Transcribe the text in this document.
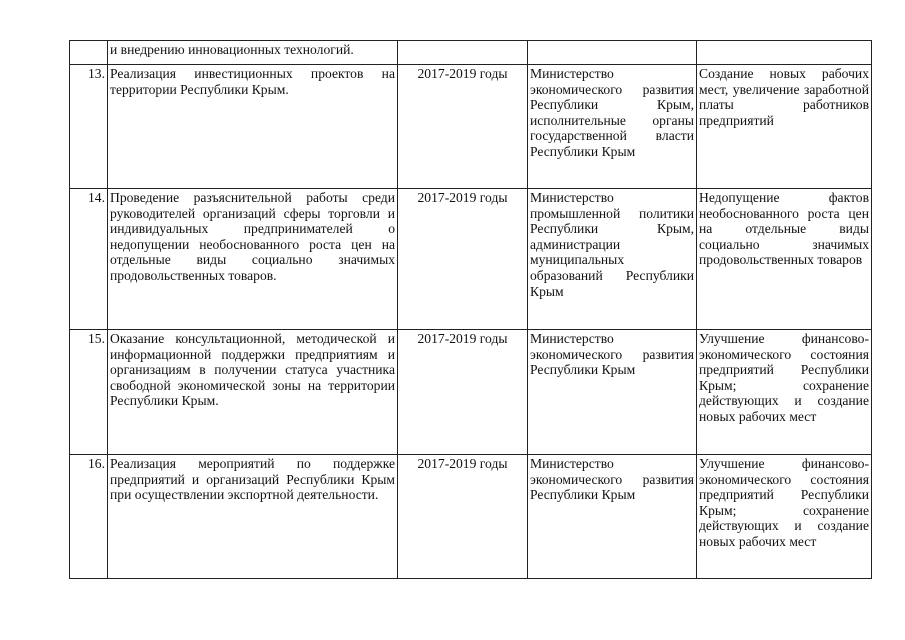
	и внедрению инновационных технологий.			

13.	Реализация инвестиционных проектов на территории Республики Крым.	2017-2019 годы	Министерство экономического развития Республики Крым, исполнительные органы государственной власти Республики Крым	Создание новых рабочих мест, увеличение заработной платы работников предприятий

14.	Проведение разъяснительной работы среди руководителей организаций сферы торговли и индивидуальных предпринимателей о недопущении необоснованного роста цен на отдельные виды социально значимых продовольственных товаров.	2017-2019 годы	Министерство промышленной политики Республики Крым, администрации муниципальных образований Республики Крым	Недопущение фактов необоснованного роста цен на отдельные виды социально значимых продовольственных товаров

15.	Оказание консультационной, методической и информационной поддержки предприятиям и организациям в получении статуса участника свободной экономической зоны на территории Республики Крым.	2017-2019 годы	Министерство экономического развития Республики Крым	Улучшение финансово-экономического состояния предприятий Республики Крым; сохранение действующих и создание новых рабочих мест

16.	Реализация мероприятий по поддержке предприятий и организаций Республики Крым при осуществлении экспортной деятельности.	2017-2019 годы	Министерство экономического развития Республики Крым	Улучшение финансово-экономического состояния предприятий Республики Крым; сохранение действующих и создание новых рабочих мест
